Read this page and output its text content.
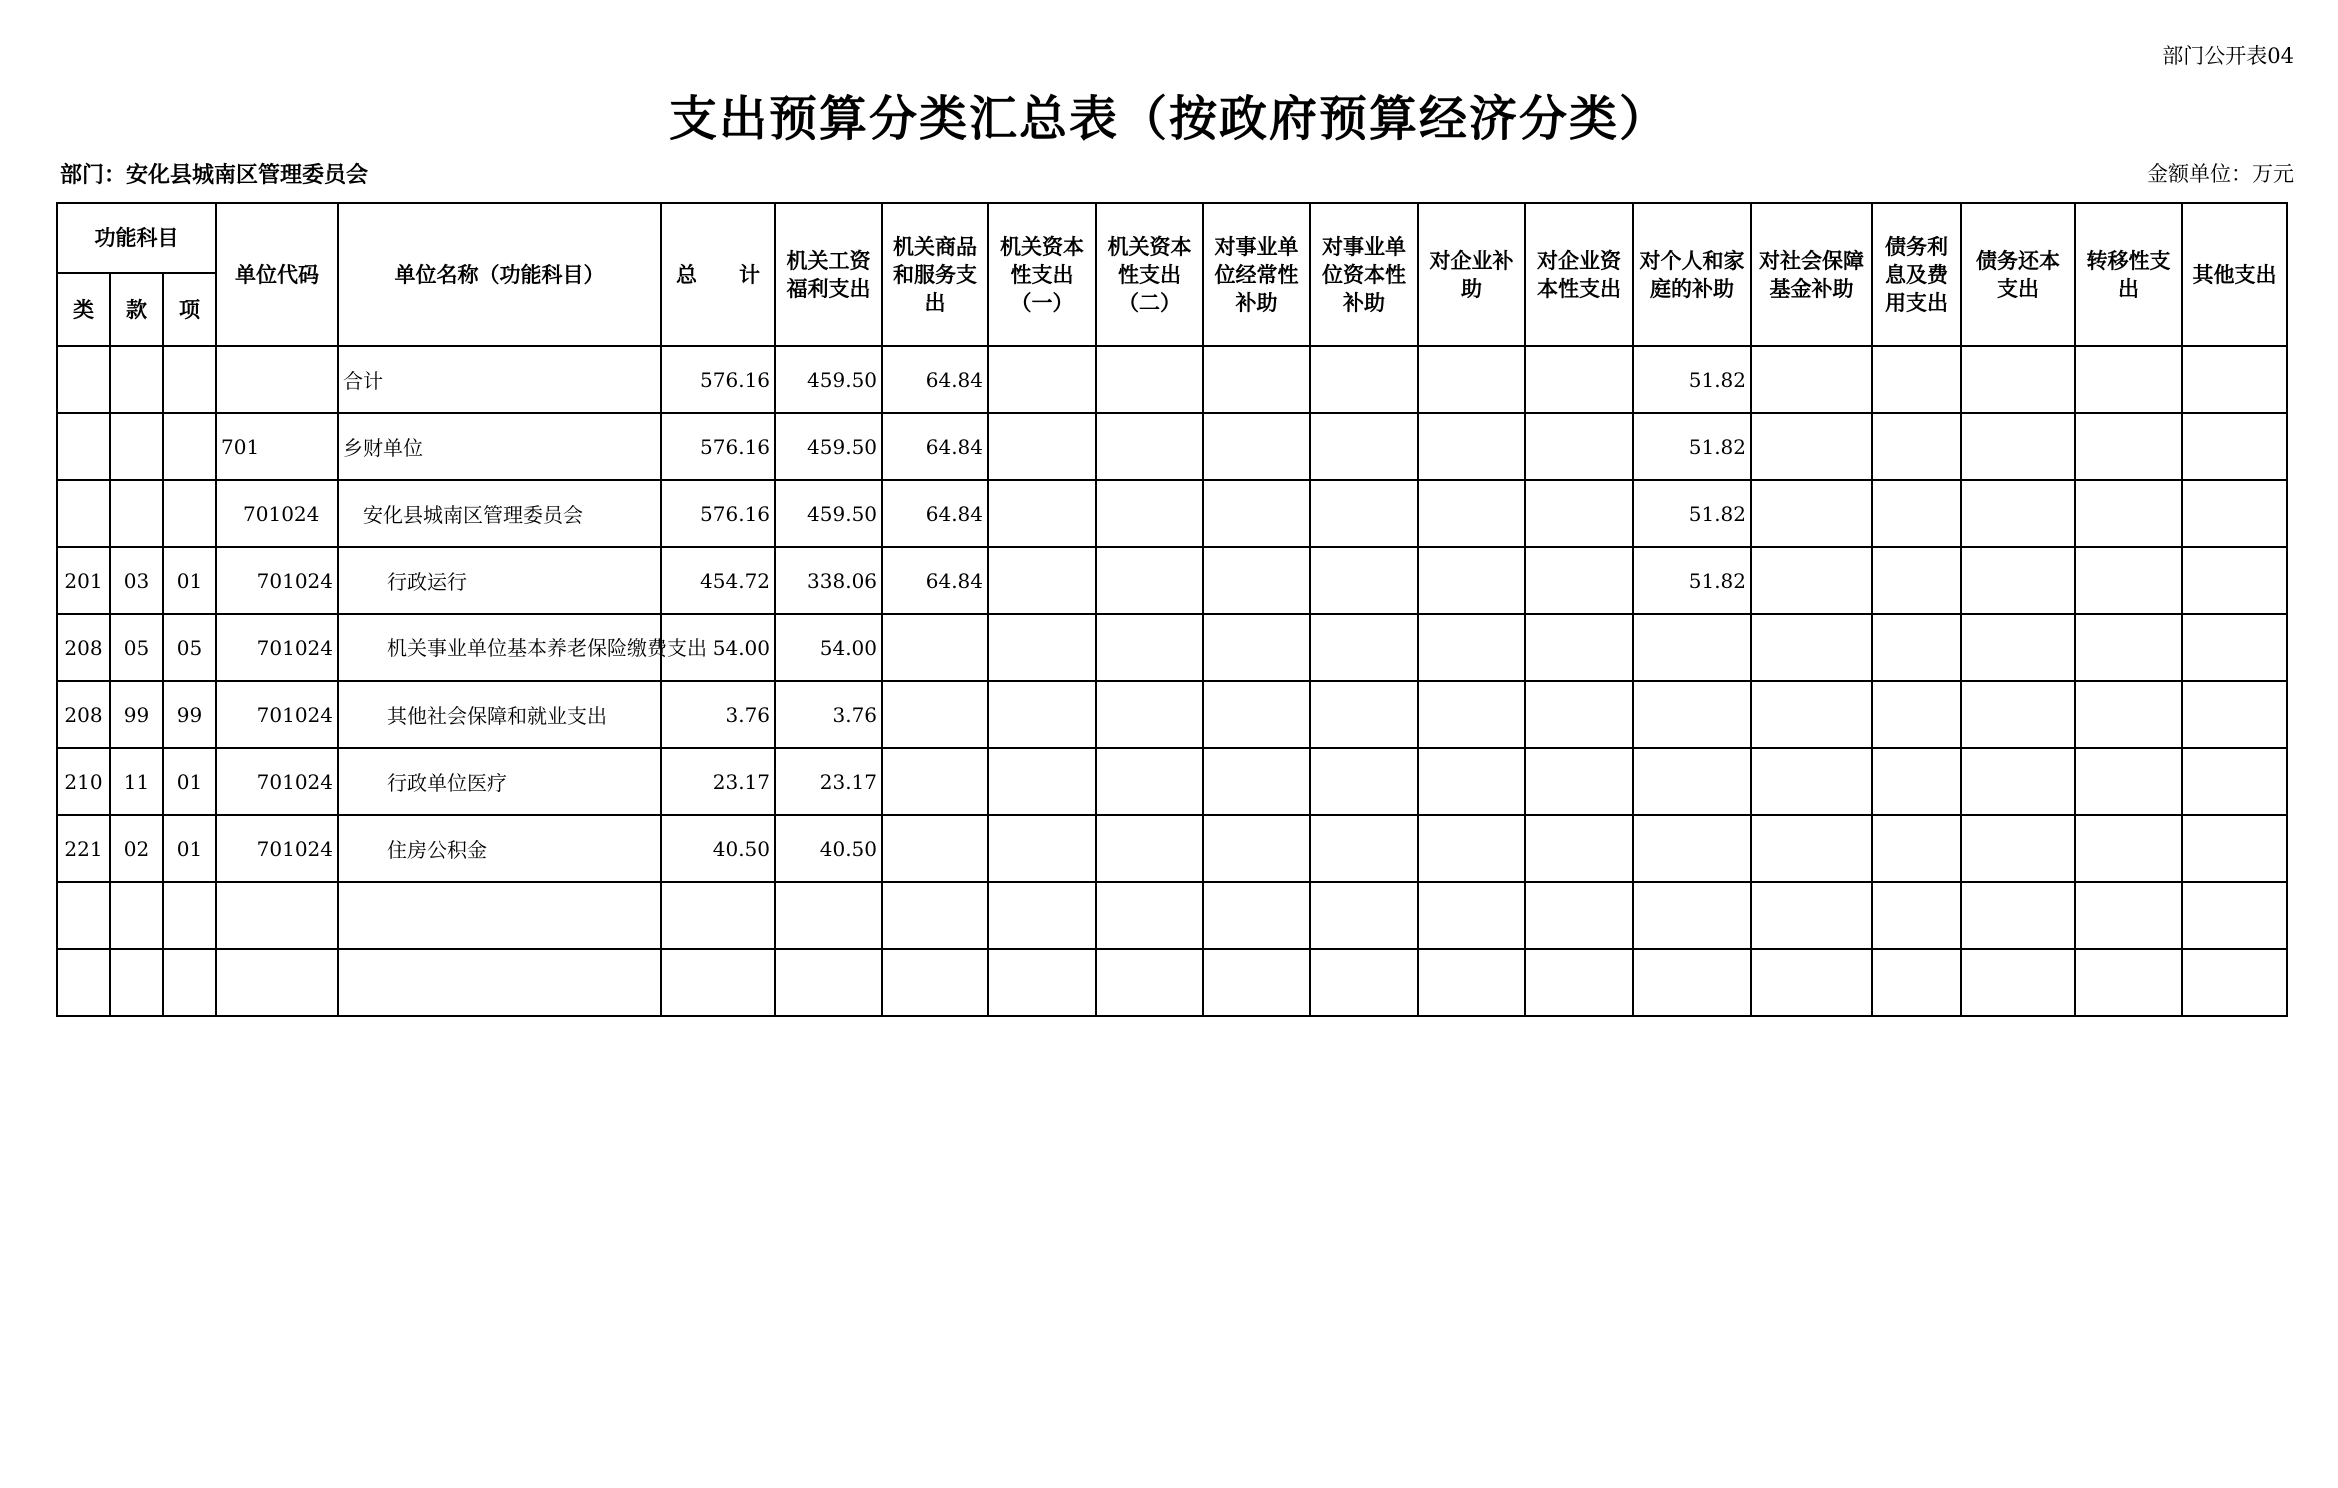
部门公开表04
支出预算分类汇总表（按政府预算经济分类）
部门：安化县城南区管理委员会	金额单位：万元
功能科目			单位代码	单位名称（功能科目）	总　　计	机关工资福利支出	机关商品和服务支出	机关资本性支出（一）	机关资本性支出（二）	对事业单位经常性补助	对事业单位资本性补助	对企业补助	对企业资本性支出	对个人和家庭的补助	对社会保障基金补助	债务利息及费用支出	债务还本支出	转移性支出	其他支出
类	款	项																	
				合计	576.16	459.50	64.84							51.82					
			701	乡财单位	576.16	459.50	64.84							51.82					
			701024	安化县城南区管理委员会	576.16	459.50	64.84							51.82					
201	03	01	701024	行政运行	454.72	338.06	64.84							51.82					
208	05	05	701024	机关事业单位基本养老保险缴费支出	54.00	54.00													
208	99	99	701024	其他社会保障和就业支出	3.76	3.76													
210	11	01	701024	行政单位医疗	23.17	23.17													
221	02	01	701024	住房公积金	40.50	40.50													
